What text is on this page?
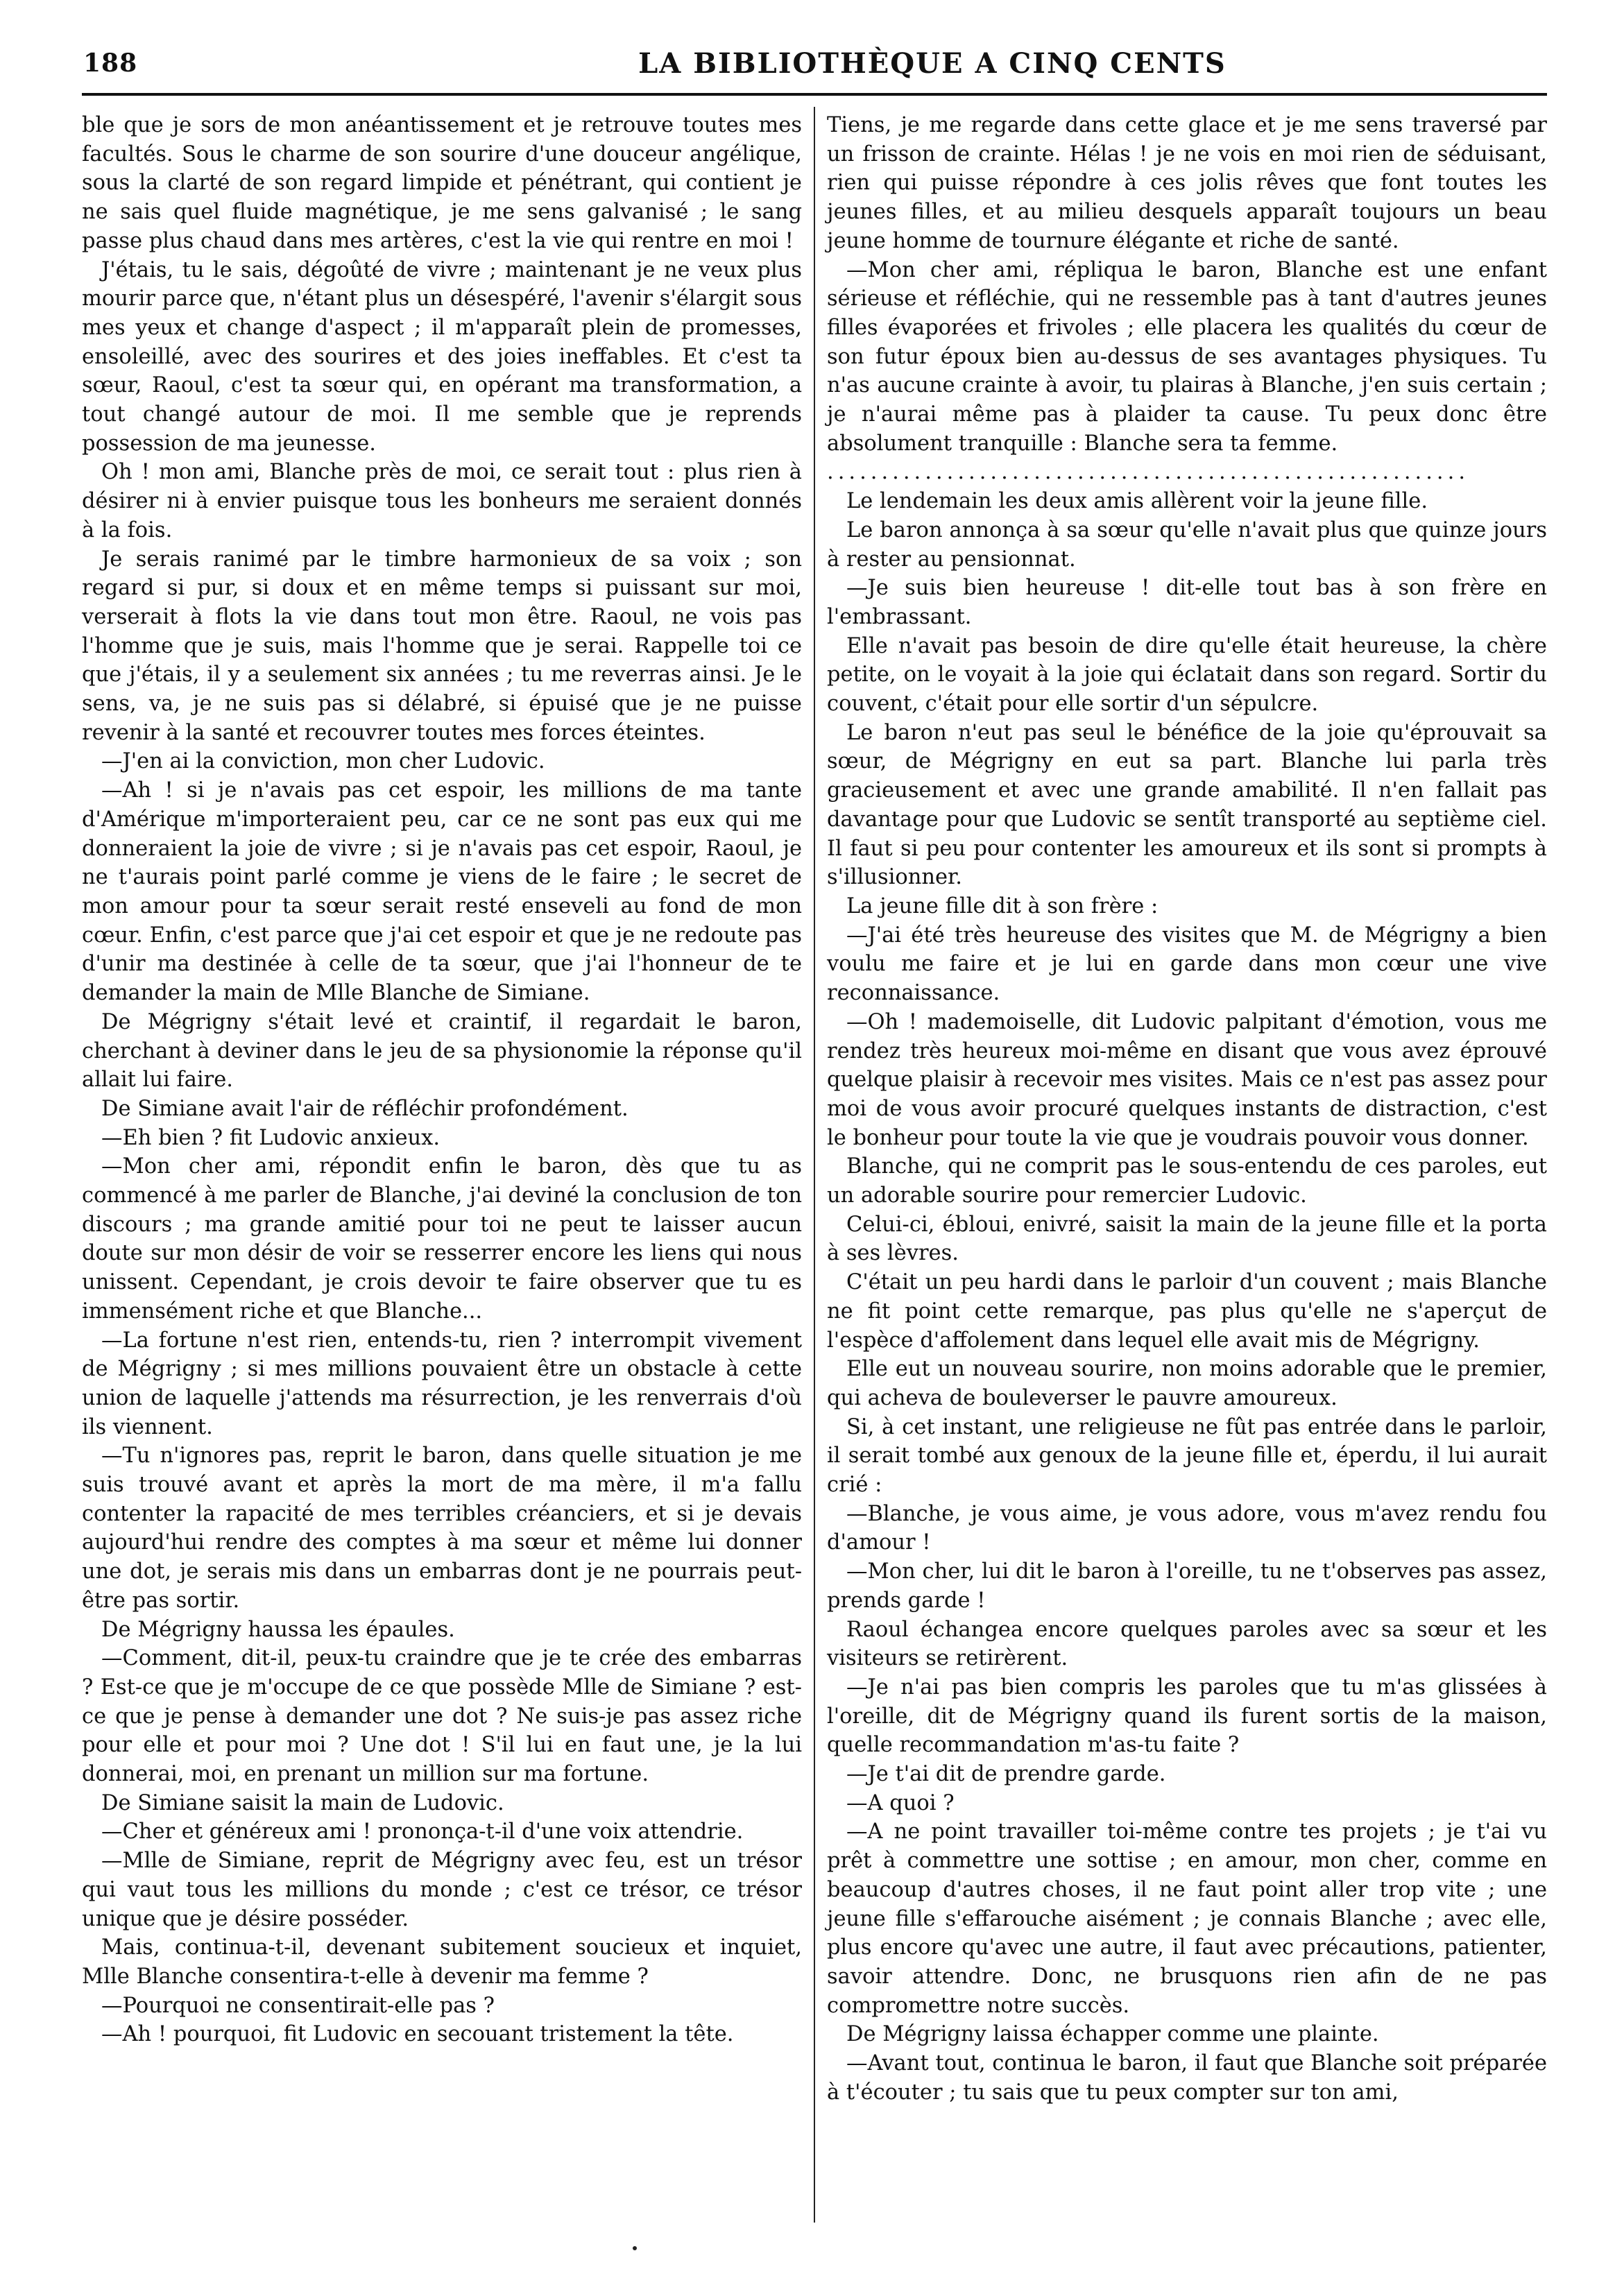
188	LA BIBLIOTHÈQUE A CINQ CENTS

ble que je sors de mon anéantissement et je retrouve toutes mes facultés. Sous le charme de son sourire d'une douceur angélique, sous la clarté de son regard limpide et pénétrant, qui contient je ne sais quel fluide magnétique, je me sens galvanisé ; le sang passe plus chaud dans mes artères, c'est la vie qui rentre en moi !

J'étais, tu le sais, dégoûté de vivre ; maintenant je ne veux plus mourir parce que, n'étant plus un désespéré, l'avenir s'élargit sous mes yeux et change d'aspect ; il m'apparaît plein de promesses, ensoleillé, avec des sourires et des joies ineffables. Et c'est ta sœur, Raoul, c'est ta sœur qui, en opérant ma transformation, a tout changé autour de moi. Il me semble que je reprends possession de ma jeunesse.

Oh ! mon ami, Blanche près de moi, ce serait tout : plus rien à désirer ni à envier puisque tous les bonheurs me seraient donnés à la fois.

Je serais ranimé par le timbre harmonieux de sa voix ; son regard si pur, si doux et en même temps si puissant sur moi, verserait à flots la vie dans tout mon être. Raoul, ne vois pas l'homme que je suis, mais l'homme que je serai. Rappelle toi ce que j'étais, il y a seulement six années ; tu me reverras ainsi. Je le sens, va, je ne suis pas si délabré, si épuisé que je ne puisse revenir à la santé et recouvrer toutes mes forces éteintes.

—J'en ai la conviction, mon cher Ludovic.

—Ah ! si je n'avais pas cet espoir, les millions de ma tante d'Amérique m'importeraient peu, car ce ne sont pas eux qui me donneraient la joie de vivre ; si je n'avais pas cet espoir, Raoul, je ne t'aurais point parlé comme je viens de le faire ; le secret de mon amour pour ta sœur serait resté enseveli au fond de mon cœur. Enfin, c'est parce que j'ai cet espoir et que je ne redoute pas d'unir ma destinée à celle de ta sœur, que j'ai l'honneur de te demander la main de Mlle Blanche de Simiane.

De Mégrigny s'était levé et craintif, il regardait le baron, cherchant à deviner dans le jeu de sa physionomie la réponse qu'il allait lui faire.

De Simiane avait l'air de réfléchir profondément.

—Eh bien ? fit Ludovic anxieux.

—Mon cher ami, répondit enfin le baron, dès que tu as commencé à me parler de Blanche, j'ai deviné la conclusion de ton discours ; ma grande amitié pour toi ne peut te laisser aucun doute sur mon désir de voir se resserrer encore les liens qui nous unissent. Cependant, je crois devoir te faire observer que tu es immensément riche et que Blanche...

—La fortune n'est rien, entends-tu, rien ? interrompit vivement de Mégrigny ; si mes millions pouvaient être un obstacle à cette union de laquelle j'attends ma résurrection, je les renverrais d'où ils viennent.

—Tu n'ignores pas, reprit le baron, dans quelle situation je me suis trouvé avant et après la mort de ma mère, il m'a fallu contenter la rapacité de mes terribles créanciers, et si je devais aujourd'hui rendre des comptes à ma sœur et même lui donner une dot, je serais mis dans un embarras dont je ne pourrais peut-être pas sortir.

De Mégrigny haussa les épaules.

—Comment, dit-il, peux-tu craindre que je te crée des embarras ? Est-ce que je m'occupe de ce que possède Mlle de Simiane ? est-ce que je pense à demander une dot ? Ne suis-je pas assez riche pour elle et pour moi ? Une dot ! S'il lui en faut une, je la lui donnerai, moi, en prenant un million sur ma fortune.

De Simiane saisit la main de Ludovic.

—Cher et généreux ami ! prononça-t-il d'une voix attendrie.

—Mlle de Simiane, reprit de Mégrigny avec feu, est un trésor qui vaut tous les millions du monde ; c'est ce trésor, ce trésor unique que je désire posséder.

Mais, continua-t-il, devenant subitement soucieux et inquiet, Mlle Blanche consentira-t-elle à devenir ma femme ?

—Pourquoi ne consentirait-elle pas ?

—Ah ! pourquoi, fit Ludovic en secouant tristement la tête.

Tiens, je me regarde dans cette glace et je me sens traversé par un frisson de crainte. Hélas ! je ne vois en moi rien de séduisant, rien qui puisse répondre à ces jolis rêves que font toutes les jeunes filles, et au milieu desquels apparaît toujours un beau jeune homme de tournure élégante et riche de santé.

—Mon cher ami, répliqua le baron, Blanche est une enfant sérieuse et réfléchie, qui ne ressemble pas à tant d'autres jeunes filles évaporées et frivoles ; elle placera les qualités du cœur de son futur époux bien au-dessus de ses avantages physiques. Tu n'as aucune crainte à avoir, tu plairas à Blanche, j'en suis certain ; je n'aurai même pas à plaider ta cause. Tu peux donc être absolument tranquille : Blanche sera ta femme.

...........................................................

Le lendemain les deux amis allèrent voir la jeune fille.

Le baron annonça à sa sœur qu'elle n'avait plus que quinze jours à rester au pensionnat.

—Je suis bien heureuse ! dit-elle tout bas à son frère en l'embrassant.

Elle n'avait pas besoin de dire qu'elle était heureuse, la chère petite, on le voyait à la joie qui éclatait dans son regard. Sortir du couvent, c'était pour elle sortir d'un sépulcre.

Le baron n'eut pas seul le bénéfice de la joie qu'éprouvait sa sœur, de Mégrigny en eut sa part. Blanche lui parla très gracieusement et avec une grande amabilité. Il n'en fallait pas davantage pour que Ludovic se sentît transporté au septième ciel. Il faut si peu pour contenter les amoureux et ils sont si prompts à s'illusionner.

La jeune fille dit à son frère :

—J'ai été très heureuse des visites que M. de Mégrigny a bien voulu me faire et je lui en garde dans mon cœur une vive reconnaissance.

—Oh ! mademoiselle, dit Ludovic palpitant d'émotion, vous me rendez très heureux moi-même en disant que vous avez éprouvé quelque plaisir à recevoir mes visites. Mais ce n'est pas assez pour moi de vous avoir procuré quelques instants de distraction, c'est le bonheur pour toute la vie que je voudrais pouvoir vous donner.

Blanche, qui ne comprit pas le sous-entendu de ces paroles, eut un adorable sourire pour remercier Ludovic.

Celui-ci, ébloui, enivré, saisit la main de la jeune fille et la porta à ses lèvres.

C'était un peu hardi dans le parloir d'un couvent ; mais Blanche ne fit point cette remarque, pas plus qu'elle ne s'aperçut de l'espèce d'affolement dans lequel elle avait mis de Mégrigny.

Elle eut un nouveau sourire, non moins adorable que le premier, qui acheva de bouleverser le pauvre amoureux.

Si, à cet instant, une religieuse ne fût pas entrée dans le parloir, il serait tombé aux genoux de la jeune fille et, éperdu, il lui aurait crié :

—Blanche, je vous aime, je vous adore, vous m'avez rendu fou d'amour !

—Mon cher, lui dit le baron à l'oreille, tu ne t'observes pas assez, prends garde !

Raoul échangea encore quelques paroles avec sa sœur et les visiteurs se retirèrent.

—Je n'ai pas bien compris les paroles que tu m'as glissées à l'oreille, dit de Mégrigny quand ils furent sortis de la maison, quelle recommandation m'as-tu faite ?

—Je t'ai dit de prendre garde.

—A quoi ?

—A ne point travailler toi-même contre tes projets ; je t'ai vu prêt à commettre une sottise ; en amour, mon cher, comme en beaucoup d'autres choses, il ne faut point aller trop vite ; une jeune fille s'effarouche aisément ; je connais Blanche ; avec elle, plus encore qu'avec une autre, il faut avec précautions, patienter, savoir attendre. Donc, ne brusquons rien afin de ne pas compromettre notre succès.

De Mégrigny laissa échapper comme une plainte.

—Avant tout, continua le baron, il faut que Blanche soit préparée à t'écouter ; tu sais que tu peux compter sur ton ami,
